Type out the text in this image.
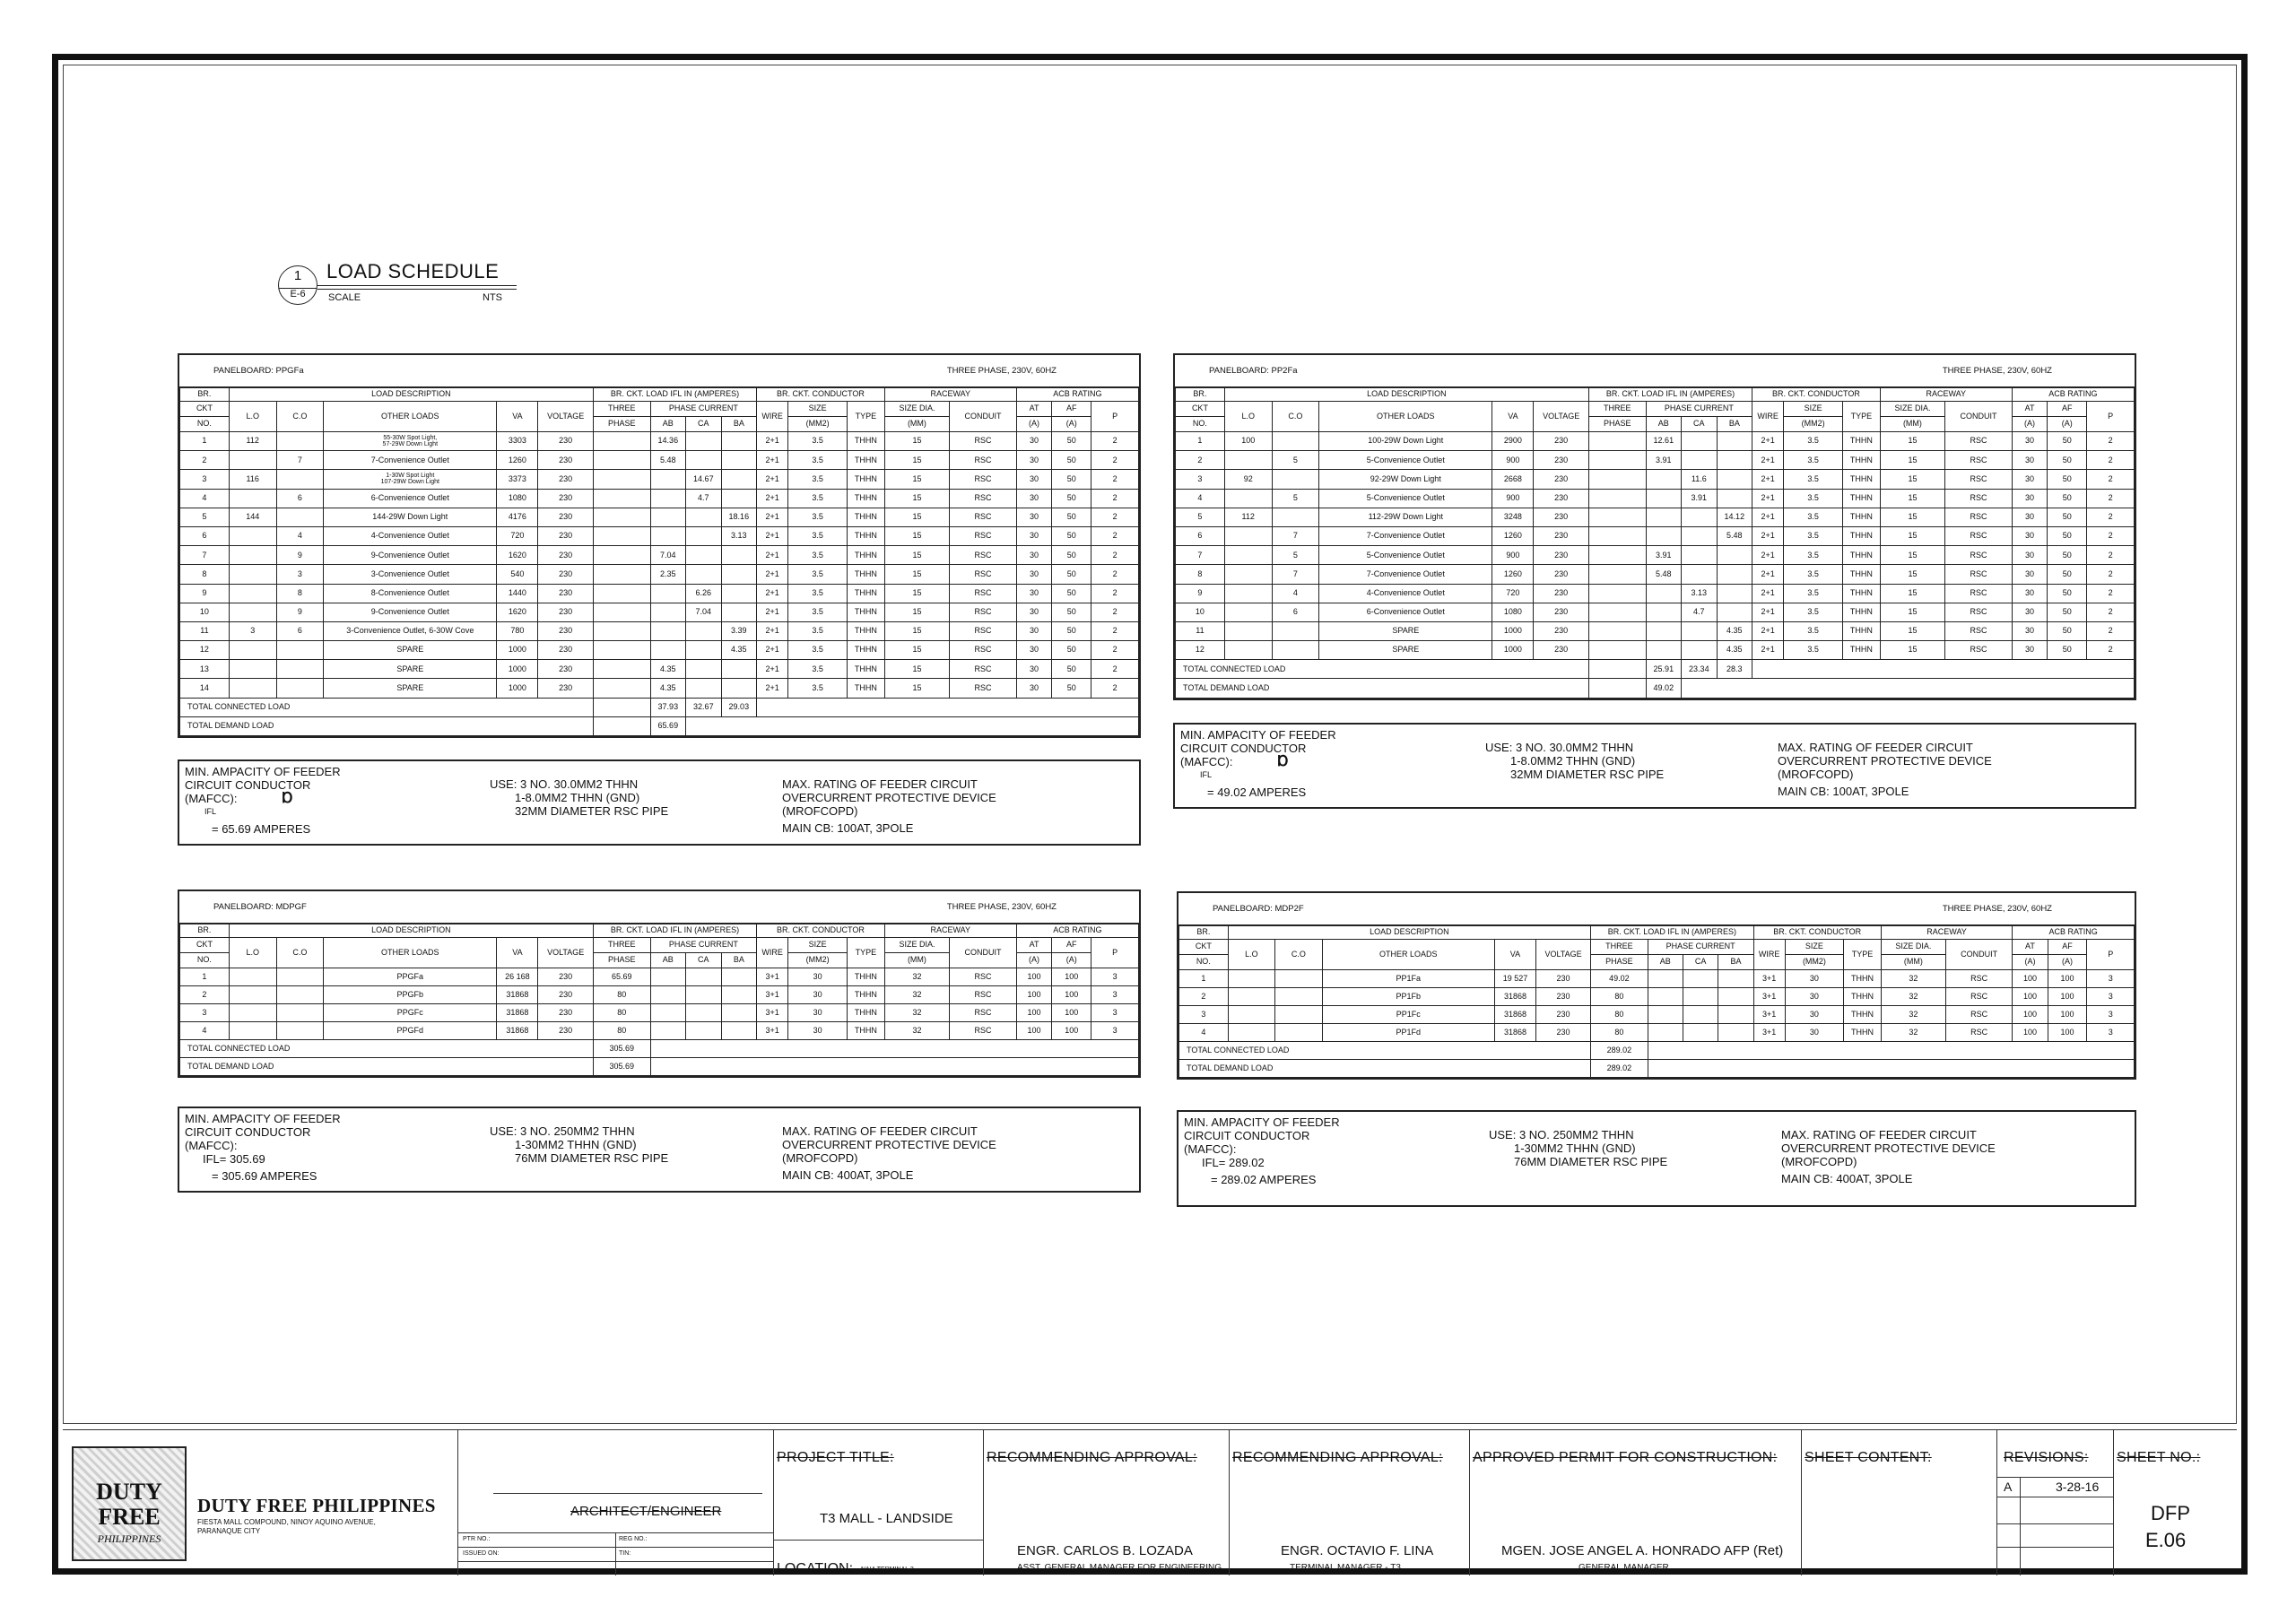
1
E-6
LOAD SCHEDULE
SCALE	NTS
PANELBOARD: PPGFa	THREE PHASE, 230V, 60HZ
BR.	LOAD DESCRIPTION					BR. CKT. LOAD IFL IN (AMPERES)				BR. CKT. CONDUCTOR			RACEWAY		ACB RATING		
CKT	L.O	C.O	OTHER LOADS	VA	VOLTAGE	THREE	PHASE CURRENT			WIRE	SIZE	TYPE	SIZE DIA.	CONDUIT	AT	AF	P
NO.						PHASE	AB	CA	BA		(MM2)		(MM)		(A)	(A)	
1	112		55-30W Spot Light,
57-29W Down Light	3303	230		14.36			2+1	3.5	THHN	15	RSC	30	50	2
2		7	7-Convenience Outlet	1260	230		5.48			2+1	3.5	THHN	15	RSC	30	50	2
3	116		1-30W Spot Light
107-29W Down Light	3373	230			14.67		2+1	3.5	THHN	15	RSC	30	50	2
4		6	6-Convenience Outlet	1080	230			4.7		2+1	3.5	THHN	15	RSC	30	50	2
5	144		144-29W Down Light	4176	230				18.16	2+1	3.5	THHN	15	RSC	30	50	2
6		4	4-Convenience Outlet	720	230				3.13	2+1	3.5	THHN	15	RSC	30	50	2
7		9	9-Convenience Outlet	1620	230		7.04			2+1	3.5	THHN	15	RSC	30	50	2
8		3	3-Convenience Outlet	540	230		2.35			2+1	3.5	THHN	15	RSC	30	50	2
9		8	8-Convenience Outlet	1440	230			6.26		2+1	3.5	THHN	15	RSC	30	50	2
10		9	9-Convenience Outlet	1620	230			7.04		2+1	3.5	THHN	15	RSC	30	50	2
11	3	6	3-Convenience Outlet, 6-30W Cove	780	230				3.39	2+1	3.5	THHN	15	RSC	30	50	2
12			SPARE	1000	230				4.35	2+1	3.5	THHN	15	RSC	30	50	2
13			SPARE	1000	230		4.35			2+1	3.5	THHN	15	RSC	30	50	2
14			SPARE	1000	230		4.35			2+1	3.5	THHN	15	RSC	30	50	2
TOTAL CONNECTED LOAD							37.93	32.67	29.03								
TOTAL DEMAND LOAD							65.69										
MIN. AMPACITY OF FEEDER
CIRCUIT CONDUCTOR
(MAFCC):	Ɒ
IFL
= 65.69 AMPERES
USE: 3 NO. 30.0MM2 THHN
1-8.0MM2 THHN (GND)
32MM DIAMETER RSC PIPE
MAX. RATING OF FEEDER CIRCUIT
OVERCURRENT PROTECTIVE DEVICE
(MROFCOPD)
MAIN CB: 100AT, 3POLE
PANELBOARD: PP2Fa	THREE PHASE, 230V, 60HZ
BR.	LOAD DESCRIPTION					BR. CKT. LOAD IFL IN (AMPERES)				BR. CKT. CONDUCTOR			RACEWAY		ACB RATING		
CKT	L.O	C.O	OTHER LOADS	VA	VOLTAGE	THREE	PHASE CURRENT			WIRE	SIZE	TYPE	SIZE DIA.	CONDUIT	AT	AF	P
NO.						PHASE	AB	CA	BA		(MM2)		(MM)		(A)	(A)	
1	100		100-29W Down Light	2900	230		12.61			2+1	3.5	THHN	15	RSC	30	50	2
2		5	5-Convenience Outlet	900	230		3.91			2+1	3.5	THHN	15	RSC	30	50	2
3	92		92-29W Down Light	2668	230			11.6		2+1	3.5	THHN	15	RSC	30	50	2
4		5	5-Convenience Outlet	900	230			3.91		2+1	3.5	THHN	15	RSC	30	50	2
5	112		112-29W Down Light	3248	230				14.12	2+1	3.5	THHN	15	RSC	30	50	2
6		7	7-Convenience Outlet	1260	230				5.48	2+1	3.5	THHN	15	RSC	30	50	2
7		5	5-Convenience Outlet	900	230		3.91			2+1	3.5	THHN	15	RSC	30	50	2
8		7	7-Convenience Outlet	1260	230		5.48			2+1	3.5	THHN	15	RSC	30	50	2
9		4	4-Convenience Outlet	720	230			3.13		2+1	3.5	THHN	15	RSC	30	50	2
10		6	6-Convenience Outlet	1080	230			4.7		2+1	3.5	THHN	15	RSC	30	50	2
11			SPARE	1000	230				4.35	2+1	3.5	THHN	15	RSC	30	50	2
12			SPARE	1000	230				4.35	2+1	3.5	THHN	15	RSC	30	50	2
TOTAL CONNECTED LOAD							25.91	23.34	28.3								
TOTAL DEMAND LOAD							49.02										
MIN. AMPACITY OF FEEDER
CIRCUIT CONDUCTOR
(MAFCC):	Ɒ
IFL
= 49.02 AMPERES
USE: 3 NO. 30.0MM2 THHN
1-8.0MM2 THHN (GND)
32MM DIAMETER RSC PIPE
MAX. RATING OF FEEDER CIRCUIT
OVERCURRENT PROTECTIVE DEVICE
(MROFCOPD)
MAIN CB: 100AT, 3POLE
PANELBOARD: MDPGF	THREE PHASE, 230V, 60HZ
BR.	LOAD DESCRIPTION					BR. CKT. LOAD IFL IN (AMPERES)				BR. CKT. CONDUCTOR			RACEWAY		ACB RATING		
CKT	L.O	C.O	OTHER LOADS	VA	VOLTAGE	THREE	PHASE CURRENT			WIRE	SIZE	TYPE	SIZE DIA.	CONDUIT	AT	AF	P
NO.						PHASE	AB	CA	BA		(MM2)		(MM)		(A)	(A)	
1			PPGFa	26 168	230	65.69				3+1	30	THHN	32	RSC	100	100	3
2			PPGFb	31868	230	80				3+1	30	THHN	32	RSC	100	100	3
3			PPGFc	31868	230	80				3+1	30	THHN	32	RSC	100	100	3
4			PPGFd	31868	230	80				3+1	30	THHN	32	RSC	100	100	3
TOTAL CONNECTED LOAD						305.69											
TOTAL DEMAND LOAD						305.69											
MIN. AMPACITY OF FEEDER
CIRCUIT CONDUCTOR
(MAFCC):
IFL= 305.69
= 305.69 AMPERES
USE: 3 NO. 250MM2 THHN
1-30MM2 THHN (GND)
76MM DIAMETER RSC PIPE
MAX. RATING OF FEEDER CIRCUIT
OVERCURRENT PROTECTIVE DEVICE
(MROFCOPD)
MAIN CB: 400AT, 3POLE
PANELBOARD: MDP2F	THREE PHASE, 230V, 60HZ
BR.	LOAD DESCRIPTION					BR. CKT. LOAD IFL IN (AMPERES)				BR. CKT. CONDUCTOR			RACEWAY		ACB RATING		
CKT	L.O	C.O	OTHER LOADS	VA	VOLTAGE	THREE	PHASE CURRENT			WIRE	SIZE	TYPE	SIZE DIA.	CONDUIT	AT	AF	P
NO.						PHASE	AB	CA	BA		(MM2)		(MM)		(A)	(A)	
1			PP1Fa	19 527	230	49.02				3+1	30	THHN	32	RSC	100	100	3
2			PP1Fb	31868	230	80				3+1	30	THHN	32	RSC	100	100	3
3			PP1Fc	31868	230	80				3+1	30	THHN	32	RSC	100	100	3
4			PP1Fd	31868	230	80				3+1	30	THHN	32	RSC	100	100	3
TOTAL CONNECTED LOAD						289.02											
TOTAL DEMAND LOAD						289.02											
MIN. AMPACITY OF FEEDER
CIRCUIT CONDUCTOR
(MAFCC):
IFL= 289.02
= 289.02 AMPERES
USE: 3 NO. 250MM2 THHN
1-30MM2 THHN (GND)
76MM DIAMETER RSC PIPE
MAX. RATING OF FEEDER CIRCUIT
OVERCURRENT PROTECTIVE DEVICE
(MROFCOPD)
MAIN CB: 400AT, 3POLE
DUTY
FREE
PHILIPPINES
DUTY FREE PHILIPPINES
FIESTA MALL COMPOUND, NINOY AQUINO AVENUE,
PARANAQUE CITY
ARCHITECT/ENGINEER
PTR NO.:
ISSUED ON:
REG NO.:
TIN:
PROJECT TITLE:
T3 MALL - LANDSIDE
LOCATION: NAIA TERMINAL 3
RECOMMENDING APPROVAL:
ENGR. CARLOS B. LOZADA
ASST. GENERAL MANAGER FOR ENGINEERING
RECOMMENDING APPROVAL:
ENGR. OCTAVIO F. LINA
TERMINAL MANAGER - T3
APPROVED PERMIT FOR CONSTRUCTION:
MGEN. JOSE ANGEL A. HONRADO AFP (Ret)
GENERAL MANAGER
SHEET CONTENT:	REVISIONS:
A	3-28-16
SHEET NO.:
DFP
E.06
